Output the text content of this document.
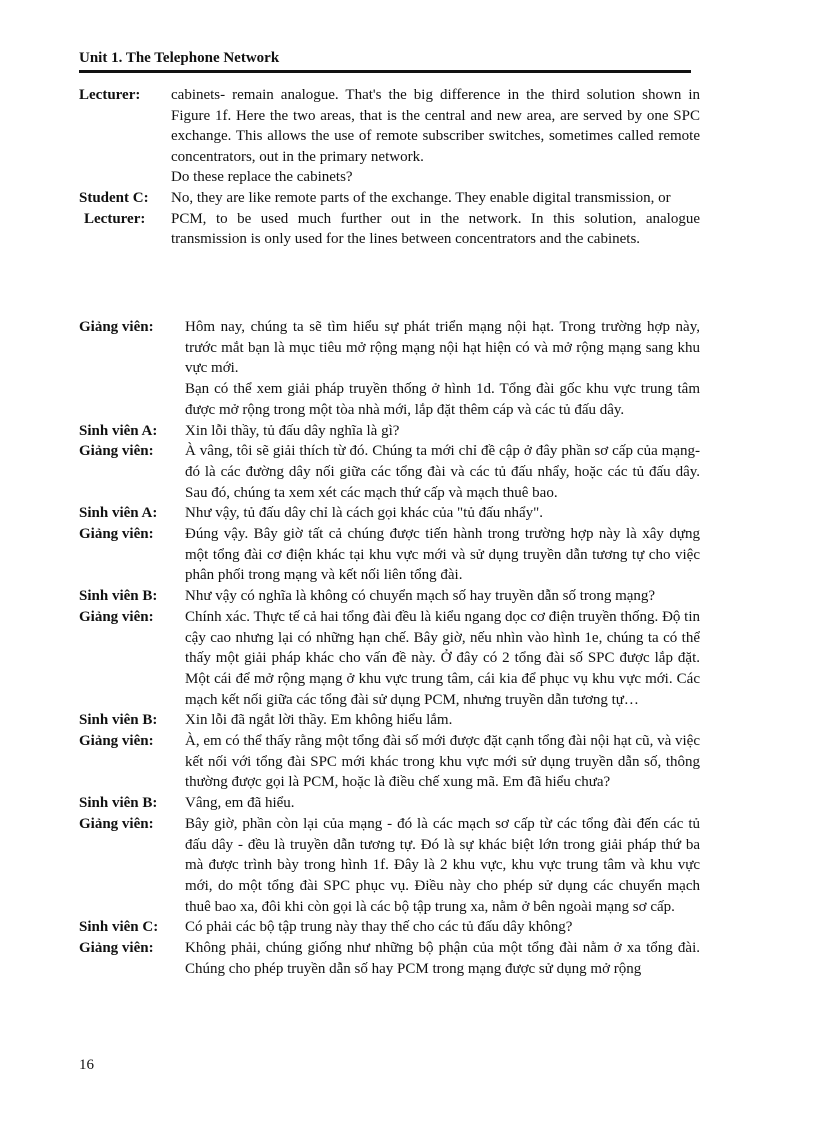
Unit 1. The Telephone Network
Lecturer:	cabinets- remain analogue. That's the big difference in the third solution shown in Figure 1f. Here the two areas, that is the central and new area, are served by one SPC exchange. This allows the use of remote subscriber switches, sometimes called remote concentrators, out in the primary network.
Do these replace the cabinets?
Student C:	No, they are like remote parts of the exchange. They enable digital transmission, or
Lecturer:	PCM, to be used much further out in the network. In this solution, analogue transmission is only used for the lines between concentrators and the cabinets.
Giảng viên:	Hôm nay, chúng ta sẽ tìm hiểu sự phát triển mạng nội hạt. Trong trường hợp này, trước mắt bạn là mục tiêu mở rộng mạng nội hạt hiện có và mở rộng mạng sang khu vực mới.
Bạn có thể xem giải pháp truyền thống ở hình 1d. Tổng đài gốc khu vực trung tâm được mở rộng trong một tòa nhà mới, lắp đặt thêm cáp và các tủ đấu dây.
Sinh viên A:	Xin lỗi thầy, tủ đấu dây nghĩa là gì?
Giảng viên:	À vâng, tôi sẽ giải thích từ đó. Chúng ta mới chỉ đề cập ở đây phần sơ cấp của mạng- đó là các đường dây nối giữa các tổng đài và các tủ đấu nhẩy, hoặc các tủ đấu dây. Sau đó, chúng ta xem xét các mạch thứ cấp và mạch thuê bao.
Sinh viên A:	Như vậy, tủ đấu dây chỉ là cách gọi khác của "tủ đấu nhẩy".
Giảng viên:	Đúng vậy. Bây giờ tất cả chúng được tiến hành trong trường hợp này là xây dựng một tổng đài cơ điện khác tại khu vực mới và sử dụng truyền dẫn tương tự cho việc phân phối trong mạng và kết nối liên tổng đài.
Sinh viên B:	Như vậy có nghĩa là không có chuyển mạch số hay truyền dẫn số trong mạng?
Giảng viên:	Chính xác. Thực tế cả hai tổng đài đều là kiểu ngang dọc cơ điện truyền thống. Độ tin cậy cao nhưng lại có những hạn chế. Bây giờ, nếu nhìn vào hình 1e, chúng ta có thể thấy một giải pháp khác cho vấn đề này. Ở đây có 2 tổng đài số SPC được lắp đặt. Một cái để mở rộng mạng ở khu vực trung tâm, cái kia để phục vụ khu vực mới. Các mạch kết nối giữa các tổng đài sử dụng PCM, nhưng truyền dẫn tương tự…
Sinh viên B:	Xin lỗi đã ngắt lời thầy. Em không hiểu lắm.
Giảng viên:	À, em có thể thấy rằng một tổng đài số mới được đặt cạnh tổng đài nội hạt cũ, và việc kết nối với tổng đài SPC mới khác trong khu vực mới sử dụng truyền dẫn số, thông thường được gọi là PCM, hoặc là điều chế xung mã. Em đã hiểu chưa?
Sinh viên B:	Vâng, em đã hiểu.
Giảng viên:	Bây giờ, phần còn lại của mạng - đó là các mạch sơ cấp từ các tổng đài đến các tủ đấu dây - đều là truyền dẫn tương tự. Đó là sự khác biệt lớn trong giải pháp thứ ba mà được trình bày trong hình 1f. Đây là 2 khu vực, khu vực trung tâm và khu vực mới, do một tổng đài SPC phục vụ. Điều này cho phép sử dụng các chuyển mạch thuê bao xa, đôi khi còn gọi là các bộ tập trung xa, nằm ở bên ngoài mạng sơ cấp.
Sinh viên C:	Có phải các bộ tập trung này thay thế cho các tủ đấu dây không?
Giảng viên:	Không phải, chúng giống như những bộ phận của một tổng đài nằm ở xa tổng đài. Chúng cho phép truyền dẫn số hay PCM trong mạng được sử dụng mở rộng
16
